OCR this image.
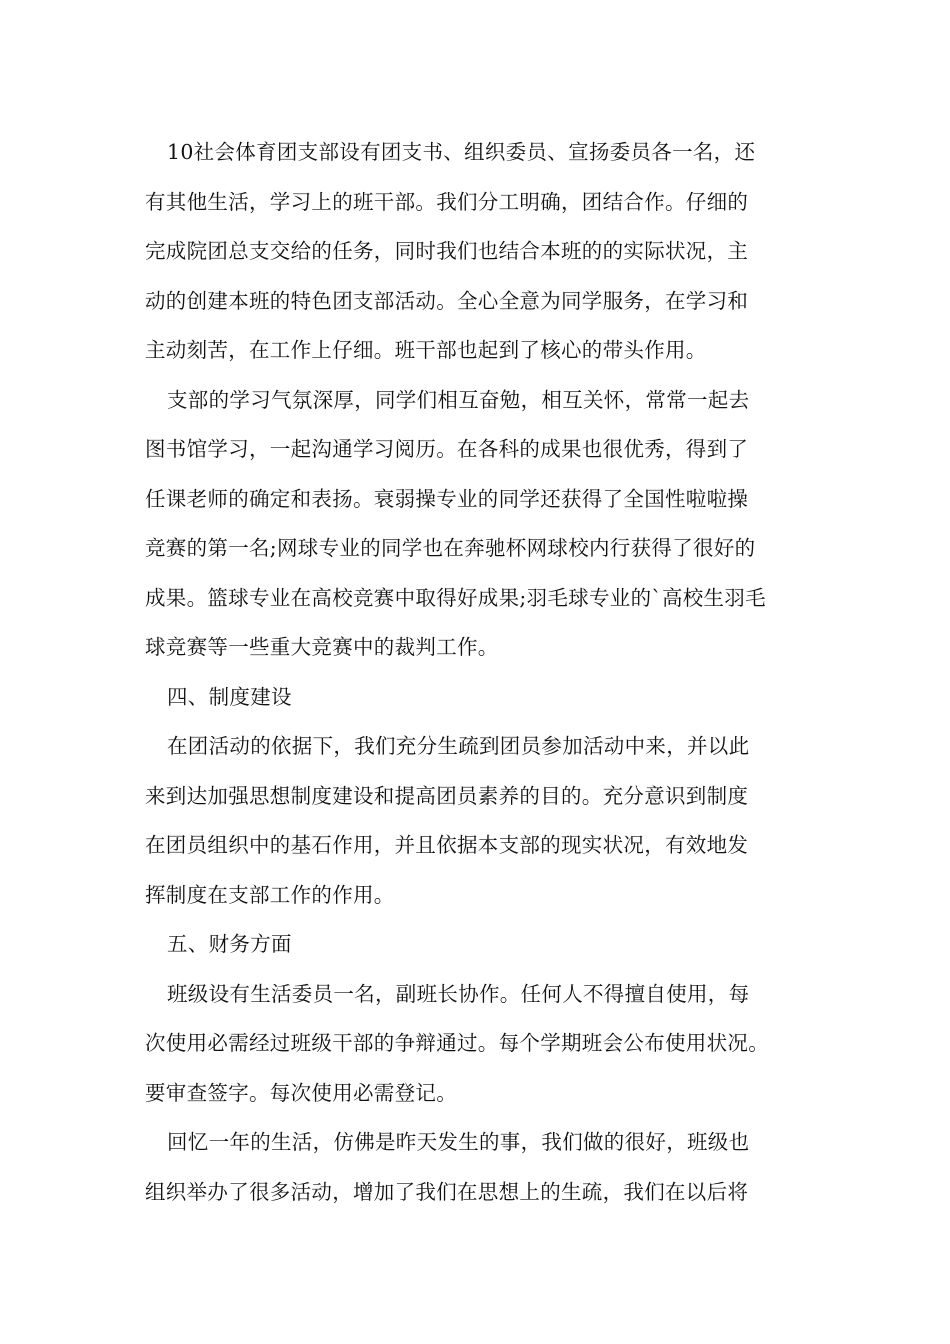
10社会体育团支部设有团支书、组织委员、宣扬委员各一名，还
有其他生活，学习上的班干部。我们分工明确，团结合作。仔细的
完成院团总支交给的任务，同时我们也结合本班的的实际状况，主
动的创建本班的特色团支部活动。全心全意为同学服务，在学习和
主动刻苦，在工作上仔细。班干部也起到了核心的带头作用。
支部的学习气氛深厚，同学们相互奋勉，相互关怀，常常一起去
图书馆学习，一起沟通学习阅历。在各科的成果也很优秀，得到了
任课老师的确定和表扬。衰弱操专业的同学还获得了全国性啦啦操
竞赛的第一名;网球专业的同学也在奔驰杯网球校内行获得了很好的
成果。篮球专业在高校竞赛中取得好成果;羽毛球专业的`高校生羽毛
球竞赛等一些重大竞赛中的裁判工作。
四、制度建设
在团活动的依据下，我们充分生疏到团员参加活动中来，并以此
来到达加强思想制度建设和提高团员素养的目的。充分意识到制度
在团员组织中的基石作用，并且依据本支部的现实状况，有效地发
挥制度在支部工作的作用。
五、财务方面
班级设有生活委员一名，副班长协作。任何人不得擅自使用，每
次使用必需经过班级干部的争辩通过。每个学期班会公布使用状况。
要审查签字。每次使用必需登记。
回忆一年的生活，仿佛是昨天发生的事，我们做的很好，班级也
组织举办了很多活动，增加了我们在思想上的生疏，我们在以后将
